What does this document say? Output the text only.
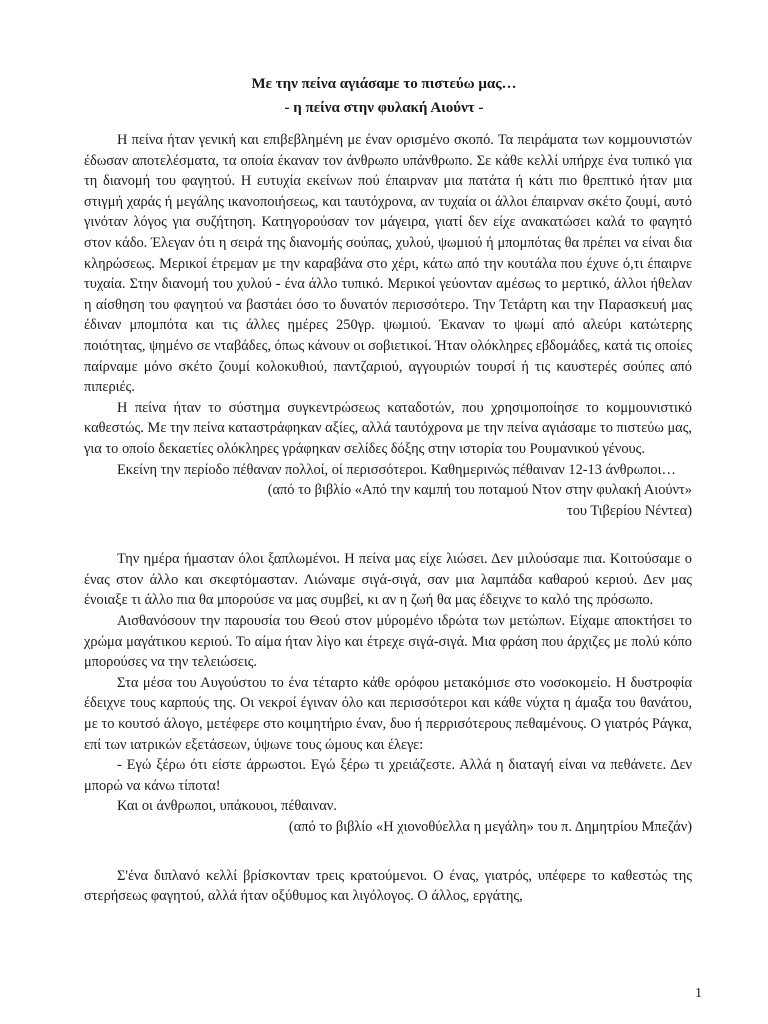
Με την πείνα αγιάσαμε το πιστεύω μας…
- η πείνα στην φυλακή Αιούντ -

Η πείνα ήταν γενική και επιβεβλημένη με έναν ορισμένο σκοπό. Τα πειράματα των κομμουνιστών έδωσαν αποτελέσματα, τα οποία έκαναν τον άνθρωπο υπάνθρωπο. Σε κάθε κελλί υπήρχε ένα τυπικό για τη διανομή του φαγητού. Η ευτυχία εκείνων πού έπαιρναν μια πατάτα ή κάτι πιο θρεπτικό ήταν μια στιγμή χαράς ή μεγάλης ικανοποιήσεως, και ταυτόχρονα, αν τυχαία οι άλλοι έπαιρναν σκέτο ζουμί, αυτό γινόταν λόγος για συζήτηση. Κατηγορούσαν τον μάγειρα, γιατί δεν είχε ανακατώσει καλά το φαγητό στον κάδο. Έλεγαν ότι η σειρά της διανομής σούπας, χυλού, ψωμιού ή μπομπότας θα πρέπει να είναι δια κληρώσεως. Μερικοί έτρεμαν με την καραβάνα στο χέρι, κάτω από την κουτάλα που έχυνε ό,τι έπαιρνε τυχαία. Στην διανομή του χυλού - ένα άλλο τυπικό. Μερικοί γεύονταν αμέσως το μερτικό, άλλοι ήθελαν η αίσθηση του φαγητού να βαστάει όσο το δυνατόν περισσότερο. Την Τετάρτη και την Παρασκευή μας έδιναν μπομπότα και τις άλλες ημέρες 250γρ. ψωμιού. Έκαναν το ψωμί από αλεύρι κατώτερης ποιότητας, ψημένο σε νταβάδες, όπως κάνουν οι σοβιετικοί. Ήταν ολόκληρες εβδομάδες, κατά τις οποίες παίρναμε μόνο σκέτο ζουμί κολοκυθιού, παντζαριού, αγγουριών τουρσί ή τις καυστερές σούπες από πιπεριές.

Η πείνα ήταν το σύστημα συγκεντρώσεως καταδοτών, που χρησιμοποίησε το κομμουνιστικό καθεστώς. Με την πείνα καταστράφηκαν αξίες, αλλά ταυτόχρονα με την πείνα αγιάσαμε το πιστεύω μας, για το οποίο δεκαετίες ολόκληρες γράφηκαν σελίδες δόξης στην ιστορία του Ρουμανικού γένους.

Εκείνη την περίοδο πέθαναν πολλοί, οί περισσότεροι. Καθημερινώς πέθαιναν 12-13 άνθρωποι…

(από το βιβλίο «Από την καμπή του ποταμού Ντον στην φυλακή Αιούντ»

του Τιβερίου Νέντεα)

Την ημέρα ήμασταν όλοι ξαπλωμένοι. Η πείνα μας είχε λιώσει. Δεν μιλούσαμε πια. Κοιτούσαμε ο ένας στον άλλο και σκεφτόμασταν. Λιώναμε σιγά-σιγά, σαν μια λαμπάδα καθαρού κεριού. Δεν μας ένοιαξε τι άλλο πια θα μπορούσε να μας συμβεί, κι αν η ζωή θα μας έδειχνε το καλό της πρόσωπο.

Αισθανόσουν την παρουσία του Θεού στον μύρομένο ιδρώτα των μετώπων. Είχαμε αποκτήσει το χρώμα μαγάτικου κεριού. Το αίμα ήταν λίγο και έτρεχε σιγά-σιγά. Μια φράση που άρχιζες με πολύ κόπο μπορούσες να την τελειώσεις.

Στα μέσα του Αυγούστου το ένα τέταρτο κάθε ορόφου μετακόμισε στο νοσοκομείο. Η δυστροφία έδειχνε τους καρπούς της. Οι νεκροί έγιναν όλο και περισσότεροι και κάθε νύχτα η άμαξα του θανάτου, με το κουτσό άλογο, μετέφερε στο κοιμητήριο έναν, δυο ή περρισότερους πεθαμένους. Ο γιατρός Ράγκα, επί των ιατρικών εξετάσεων, ύψωνε τους ώμους και έλεγε:

- Εγώ ξέρω ότι είστε άρρωστοι. Εγώ ξέρω τι χρειάζεστε. Αλλά η διαταγή είναι να πεθάνετε. Δεν μπορώ να κάνω τίποτα!

Και οι άνθρωποι, υπάκουοι, πέθαιναν.

(από το βιβλίο «Η χιονοθύελλα η μεγάλη» του π. Δημητρίου Μπεζάν)

Σ'ένα διπλανό κελλί βρίσκονταν τρεις κρατούμενοι. Ο ένας, γιατρός, υπέφερε το καθεστώς της στερήσεως φαγητού, αλλά ήταν οξύθυμος και λιγόλογος. Ο άλλος, εργάτης,

1
